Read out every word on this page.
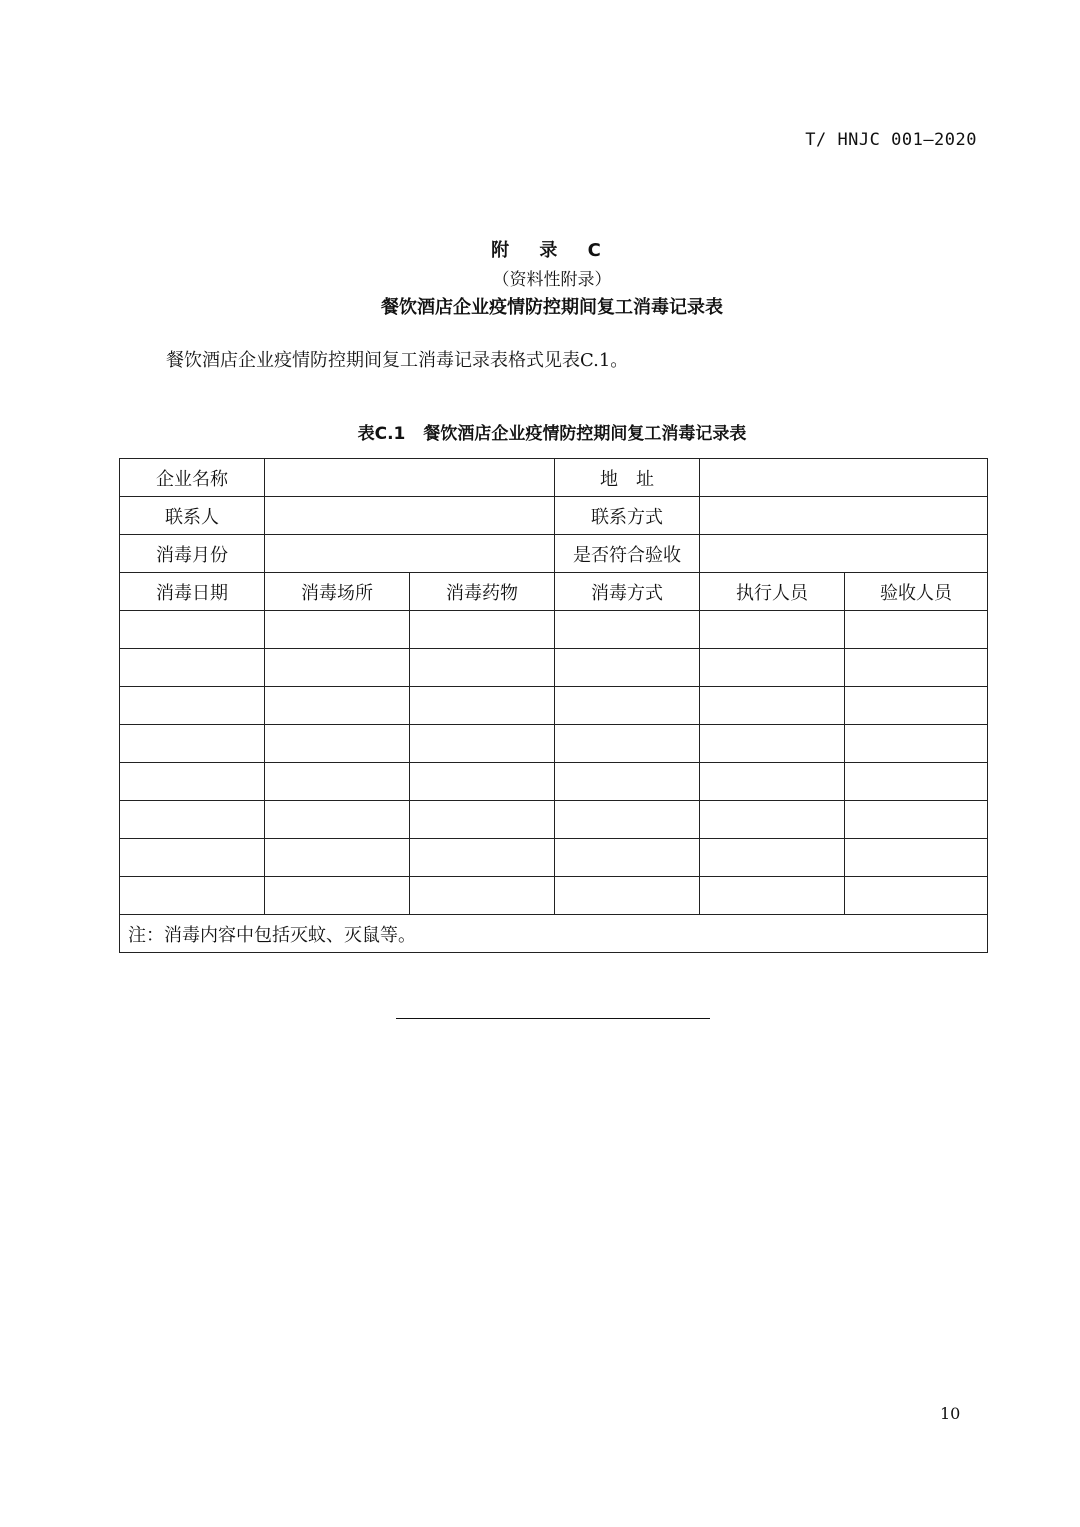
T/ HNJC 001—2020
附 录 C
（资料性附录）
餐饮酒店企业疫情防控期间复工消毒记录表
餐饮酒店企业疫情防控期间复工消毒记录表格式见表C.1。
表C.1 餐饮酒店企业疫情防控期间复工消毒记录表
企业名称			地　址		
联系人			联系方式		
消毒月份			是否符合验收		
消毒日期	消毒场所	消毒药物	消毒方式	执行人员	验收人员

注：消毒内容中包括灭蚊、灭鼠等。					
10
